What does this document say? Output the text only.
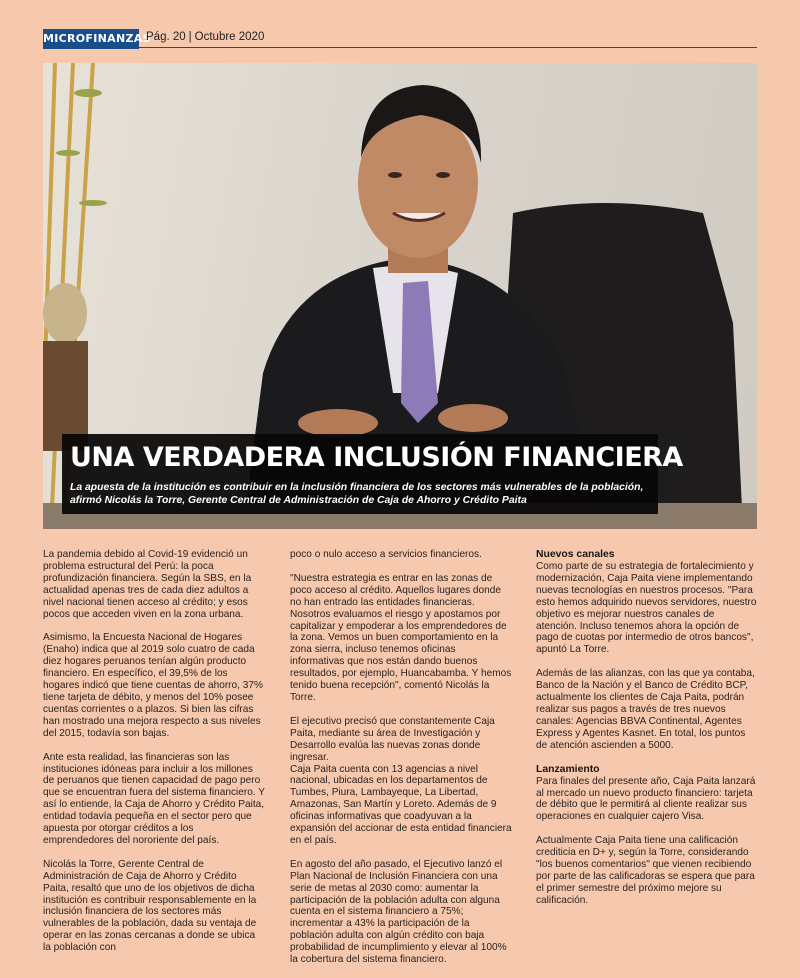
MICROFINANZAS
Pág. 20 | Octubre 2020
UNA VERDADERA INCLUSIÓN FINANCIERA

La apuesta de la institución es contribuir en la inclusión financiera de los sectores más vulnerables de la población, afirmó Nicolás la Torre, Gerente Central de Administración de Caja de Ahorro y Crédito Paita

La pandemia debido al Covid-19 evidenció un problema estructural del Perú: la poca profundización financiera. Según la SBS, en la actualidad apenas tres de cada diez adultos a nivel nacional tienen acceso al crédito; y esos pocos que acceden viven en la zona urbana.

Asimismo, la Encuesta Nacional de Hogares (Enaho) indica que al 2019 solo cuatro de cada diez hogares peruanos tenían algún producto financiero. En específico, el 39,5% de los hogares indicó que tiene cuentas de ahorro, 37% tiene tarjeta de débito, y menos del 10% posee cuentas corrientes o a plazos. Si bien las cifras han mostrado una mejora respecto a sus niveles del 2015, todavía son bajas.

Ante esta realidad, las financieras son las instituciones idóneas para incluir a los millones de peruanos que tienen capacidad de pago pero que se encuentran fuera del sistema financiero. Y así lo entiende, la Caja de Ahorro y Crédito Paita, entidad todavía pequeña en el sector pero que apuesta por otorgar créditos a los emprendedores del nororiente del país.

Nicolás la Torre, Gerente Central de Administración de Caja de Ahorro y Crédito Paita, resaltó que uno de los objetivos de dicha institución es contribuir responsablemente en la inclusión financiera de los sectores más vulnerables de la población, dada su ventaja de operar en las zonas cercanas a donde se ubica la población con

poco o nulo acceso a servicios financieros.

"Nuestra estrategia es entrar en las zonas de poco acceso al crédito. Aquellos lugares donde no han entrado las entidades financieras. Nosotros evaluamos el riesgo y apostamos por capitalizar y empoderar a los emprendedores de la zona. Vemos un buen comportamiento en la zona sierra, incluso tenemos oficinas informativas que nos están dando buenos resultados, por ejemplo, Huancabamba. Y hemos tenido buena recepción", comentó Nicolás la Torre.

El ejecutivo precisó que constantemente Caja Paita, mediante su área de Investigación y Desarrollo evalúa las nuevas zonas donde ingresar.

Caja Paita cuenta con 13 agencias a nivel nacional, ubicadas en los departamentos de Tumbes, Piura, Lambayeque, La Libertad, Amazonas, San Martín y Loreto. Además de 9 oficinas informativas que coadyuvan a la expansión del accionar de esta entidad financiera en el país.

En agosto del año pasado, el Ejecutivo lanzó el Plan Nacional de Inclusión Financiera con una serie de metas al 2030 como: aumentar la participación de la población adulta con alguna cuenta en el sistema financiero a 75%; incrementar a 43% la participación de la población adulta con algún crédito con baja probabilidad de incumplimiento y elevar al 100% la cobertura del sistema financiero.

Nuevos canales

Como parte de su estrategia de fortalecimiento y modernización, Caja Paita viene implementando nuevas tecnologías en nuestros procesos. "Para esto hemos adquirido nuevos servidores, nuestro objetivo es mejorar nuestros canales de atención. Incluso tenemos ahora la opción de pago de cuotas por intermedio de otros bancos", apuntó La Torre.

Además de las alianzas, con las que ya contaba, Banco de la Nación y el Banco de Crédito BCP, actualmente los clientes de Caja Paita, podrán realizar sus pagos a través de tres nuevos canales: Agencias BBVA Continental, Agentes Express y Agentes Kasnet. En total, los puntos de atención ascienden a 5000.

Lanzamiento

Para finales del presente año, Caja Paita lanzará al mercado un nuevo producto financiero: tarjeta de débito que le permitirá al cliente realizar sus operaciones en cualquier cajero Visa.

Actualmente Caja Paita tiene una calificación crediticia en D+ y, según la Torre, considerando "los buenos comentarios" que vienen recibiendo por parte de las calificadoras se espera que para el primer semestre del próximo mejore su calificación.
